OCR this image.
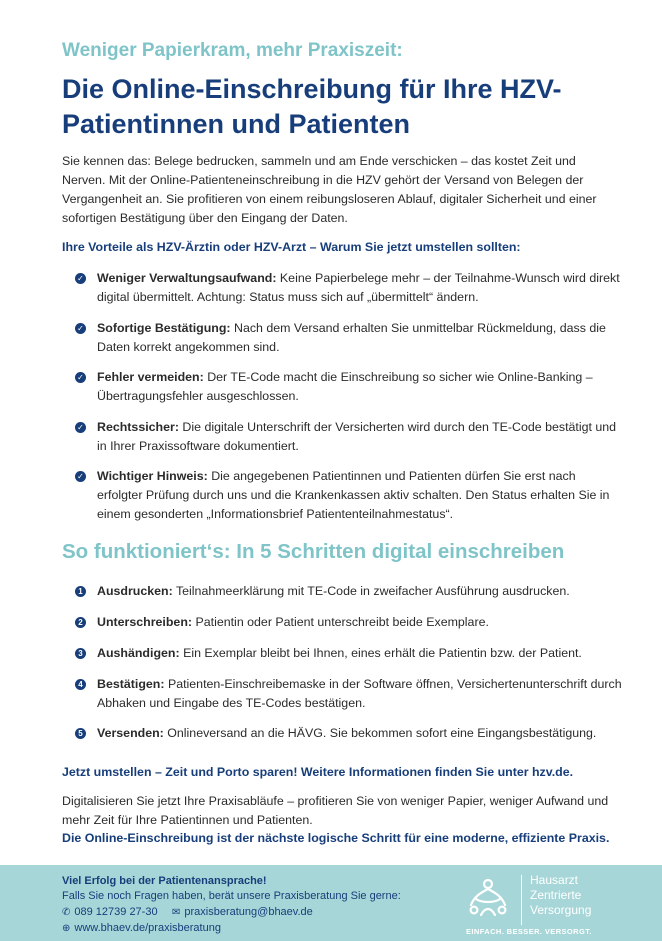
Weniger Papierkram, mehr Praxiszeit:
Die Online-Einschreibung für Ihre HZV-Patientinnen und Patienten

Sie kennen das: Belege bedrucken, sammeln und am Ende verschicken – das kostet Zeit und Nerven. Mit der Online-Patienteneinschreibung in die HZV gehört der Versand von Belegen der Vergangenheit an. Sie profitieren von einem reibungsloseren Ablauf, digitaler Sicherheit und einer sofortigen Bestätigung über den Eingang der Daten.

Ihre Vorteile als HZV-Ärztin oder HZV-Arzt – Warum Sie jetzt umstellen sollten:
✓ Weniger Verwaltungsaufwand: Keine Papierbelege mehr – der Teilnahme-Wunsch wird direkt digital übermittelt. Achtung: Status muss sich auf „übermittelt“ ändern.
✓ Sofortige Bestätigung: Nach dem Versand erhalten Sie unmittelbar Rückmeldung, dass die Daten korrekt angekommen sind.
✓ Fehler vermeiden: Der TE-Code macht die Einschreibung so sicher wie Online-Banking – Übertragungsfehler ausgeschlossen.
✓ Rechtssicher: Die digitale Unterschrift der Versicherten wird durch den TE-Code bestätigt und in Ihrer Praxissoftware dokumentiert.
✓ Wichtiger Hinweis: Die angegebenen Patientinnen und Patienten dürfen Sie erst nach erfolgter Prüfung durch uns und die Krankenkassen aktiv schalten. Den Status erhalten Sie in einem gesonderten „Informationsbrief Patiententeilnahmestatus“.
So funktioniert‘s: In 5 Schritten digital einschreiben
1 Ausdrucken: Teilnahmeerklärung mit TE-Code in zweifacher Ausführung ausdrucken.
2 Unterschreiben: Patientin oder Patient unterschreibt beide Exemplare.
3 Aushändigen: Ein Exemplar bleibt bei Ihnen, eines erhält die Patientin bzw. der Patient.
4 Bestätigen: Patienten-Einschreibemaske in der Software öffnen, Versichertenunterschrift durch Abhaken und Eingabe des TE-Codes bestätigen.
5 Versenden: Onlineversand an die HÄVG. Sie bekommen sofort eine Eingangsbestätigung.
Jetzt umstellen – Zeit und Porto sparen! Weitere Informationen finden Sie unter hzv.de.

Digitalisieren Sie jetzt Ihre Praxisabläufe – profitieren Sie von weniger Papier, weniger Aufwand und mehr Zeit für Ihre Patientinnen und Patienten.

Die Online-Einschreibung ist der nächste logische Schritt für eine moderne, effiziente Praxis.

Viel Erfolg bei der Patientenansprache!
Falls Sie noch Fragen haben, berät unsere Praxisberatung Sie gerne:
✆ 089 12739 27-30 ✉ praxisberatung@bhaev.de
⊕ www.bhaev.de/praxisberatung
Hausarzt
Zentrierte
Versorgung
EINFACH. BESSER. VERSORGT.
